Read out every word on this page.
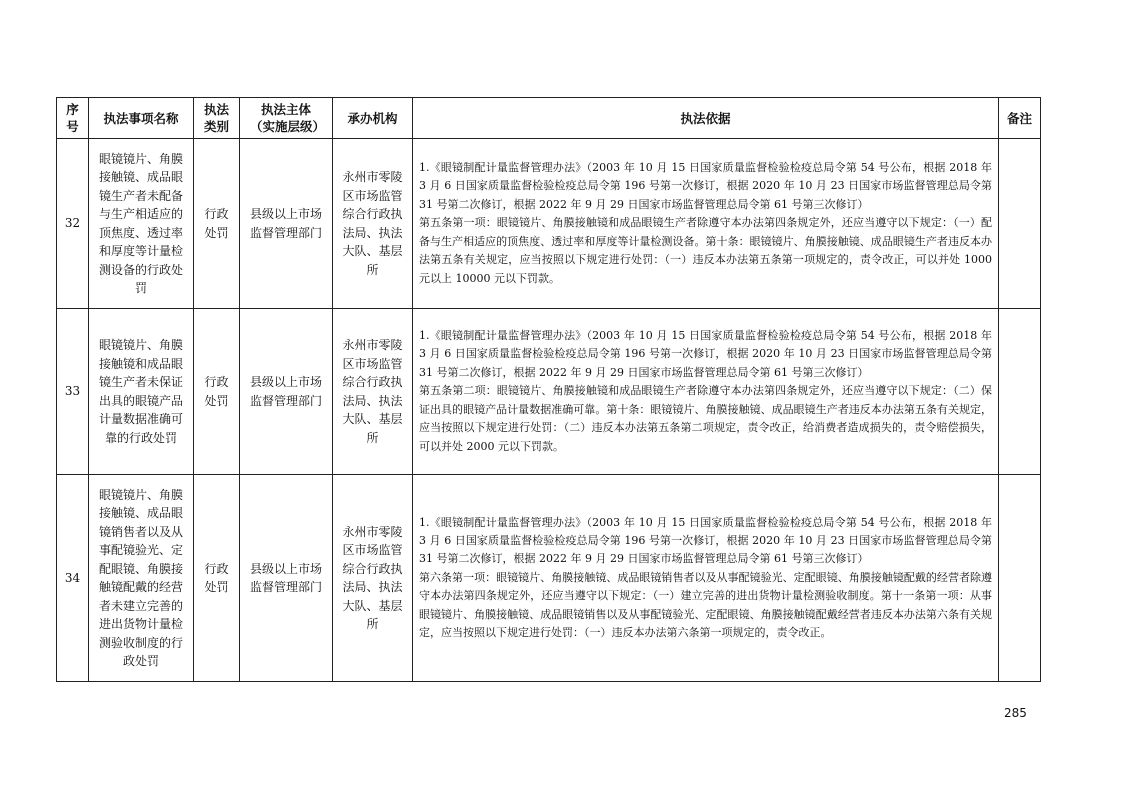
序号	执法事项名称	执法类别	执法主体（实施层级）	承办机构	执法依据	备注
32	眼镜镜片、角膜接触镜、成品眼镜生产者未配备与生产相适应的顶焦度、透过率和厚度等计量检测设备的行政处罚	行政处罚	县级以上市场监督管理部门	永州市零陵区市场监管综合行政执法局、执法大队、基层所	1.《眼镜制配计量监督管理办法》（2003 年 10 月 15 日国家质量监督检验检疫总局令第 54 号公布，根据 2018 年 3 月 6 日国家质量监督检验检疫总局令第 196 号第一次修订，根据 2020 年 10 月 23 日国家市场监督管理总局令第 31 号第二次修订，根据 2022 年 9 月 29 日国家市场监督管理总局令第 61 号第三次修订）
第五条第一项：眼镜镜片、角膜接触镜和成品眼镜生产者除遵守本办法第四条规定外，还应当遵守以下规定：（一）配备与生产相适应的顶焦度、透过率和厚度等计量检测设备。第十条：眼镜镜片、角膜接触镜、成品眼镜生产者违反本办法第五条有关规定，应当按照以下规定进行处罚：（一）违反本办法第五条第一项规定的，责令改正，可以并处 1000 元以上 10000 元以下罚款。	

33	眼镜镜片、角膜接触镜和成品眼镜生产者未保证出具的眼镜产品计量数据准确可靠的行政处罚	行政处罚	县级以上市场监督管理部门	永州市零陵区市场监管综合行政执法局、执法大队、基层所	1.《眼镜制配计量监督管理办法》（2003 年 10 月 15 日国家质量监督检验检疫总局令第 54 号公布，根据 2018 年 3 月 6 日国家质量监督检验检疫总局令第 196 号第一次修订，根据 2020 年 10 月 23 日国家市场监督管理总局令第 31 号第二次修订，根据 2022 年 9 月 29 日国家市场监督管理总局令第 61 号第三次修订）
第五条第二项：眼镜镜片、角膜接触镜和成品眼镜生产者除遵守本办法第四条规定外，还应当遵守以下规定：（二）保证出具的眼镜产品计量数据准确可靠。第十条：眼镜镜片、角膜接触镜、成品眼镜生产者违反本办法第五条有关规定，应当按照以下规定进行处罚：（二）违反本办法第五条第二项规定，责令改正，给消费者造成损失的，责令赔偿损失，可以并处 2000 元以下罚款。	

34	眼镜镜片、角膜接触镜、成品眼镜销售者以及从事配镜验光、定配眼镜、角膜接触镜配戴的经营者未建立完善的进出货物计量检测验收制度的行政处罚	行政处罚	县级以上市场监督管理部门	永州市零陵区市场监管综合行政执法局、执法大队、基层所	1.《眼镜制配计量监督管理办法》（2003 年 10 月 15 日国家质量监督检验检疫总局令第 54 号公布，根据 2018 年 3 月 6 日国家质量监督检验检疫总局令第 196 号第一次修订，根据 2020 年 10 月 23 日国家市场监督管理总局令第 31 号第二次修订，根据 2022 年 9 月 29 日国家市场监督管理总局令第 61 号第三次修订）
第六条第一项：眼镜镜片、角膜接触镜、成品眼镜销售者以及从事配镜验光、定配眼镜、角膜接触镜配戴的经营者除遵守本办法第四条规定外，还应当遵守以下规定：（一）建立完善的进出货物计量检测验收制度。第十一条第一项：从事眼镜镜片、角膜接触镜、成品眼镜销售以及从事配镜验光、定配眼镜、角膜接触镜配戴经营者违反本办法第六条有关规定，应当按照以下规定进行处罚：（一）违反本办法第六条第一项规定的，责令改正。	

285
